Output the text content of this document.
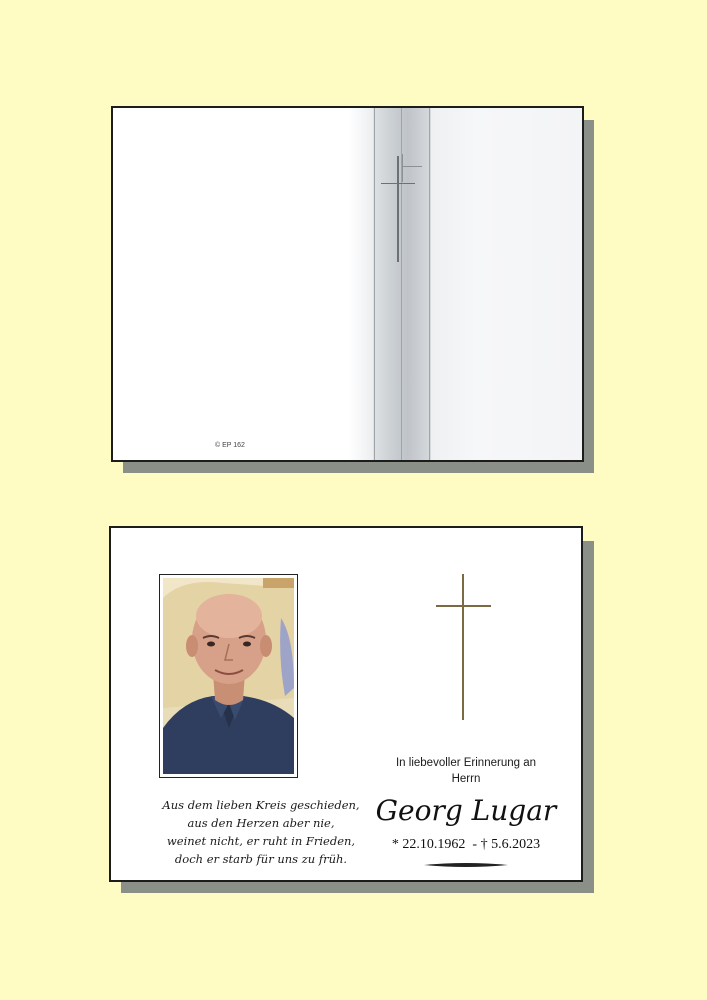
© EP 162
Aus dem lieben Kreis geschieden,
aus den Herzen aber nie,
weinet nicht, er ruht in Frieden,
doch er starb für uns zu früh.
In liebevoller Erinnerung an
Herrn
Georg Lugar
* 22.10.1962  - † 5.6.2023
